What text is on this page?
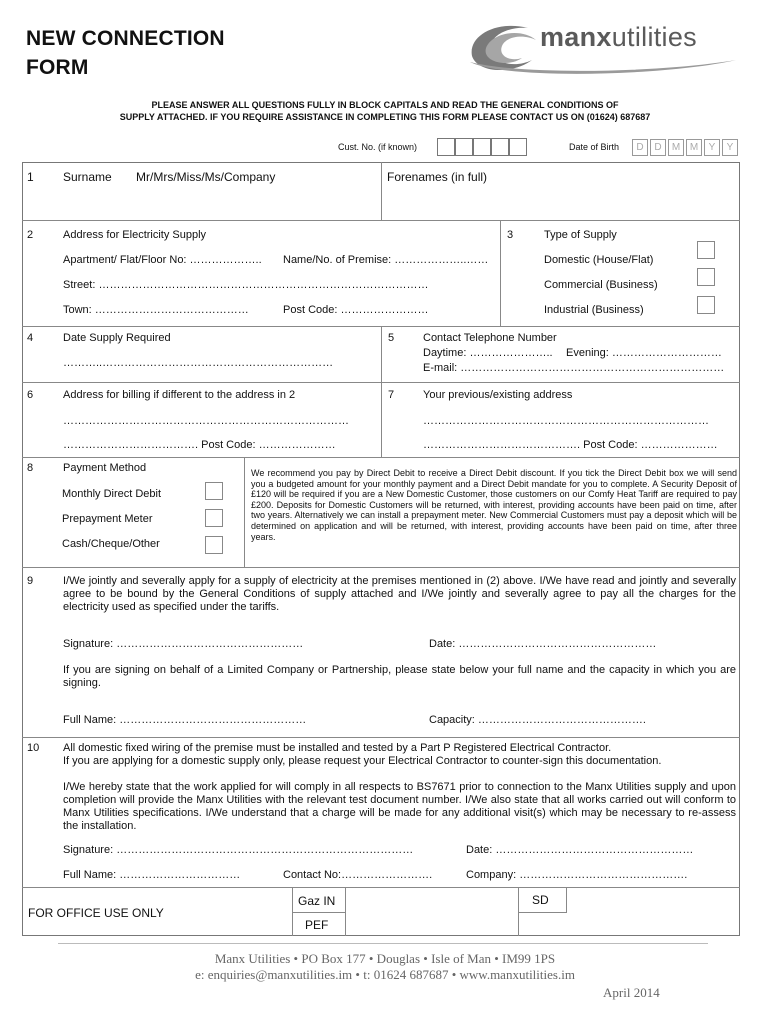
NEW CONNECTION
FORM
manxutilities
PLEASE ANSWER ALL QUESTIONS FULLY IN BLOCK CAPITALS AND READ THE GENERAL CONDITIONS OF
SUPPLY ATTACHED. IF YOU REQUIRE ASSISTANCE IN COMPLETING THIS FORM PLEASE CONTACT US ON (01624) 687687
Cust. No. (if known)	Date of Birth	D	D	M M	Y	Y
1 Surname Mr/Mrs/Miss/Ms/Company	Forenames (in full)
2	Address for Electricity Supply
Apartment/ Flat/Floor No: ……………….. Name/No. of Premise: ………………..……
Street: ………………………………………………………………………………
Town: ……………………………………	Post Code: ……………………
3	Type of Supply
Domestic (House/Flat)
Commercial (Business)
Industrial (Business)
4	Date Supply Required
………..………………………………………………………
5	Contact Telephone Number
Daytime: ………………….. Evening: …………………………
E-mail: ………………………………………………………………
6	Address for billing if different to the address in 2
……………………………………………………………………
………………………………. Post Code: …………………
7	Your previous/existing address
……………………………………………………………………
……………………………………. Post Code: …………………
8	Payment Method
Monthly Direct Debit
Prepayment Meter
Cash/Cheque/Other
We recommend you pay by Direct Debit to receive a Direct Debit discount. If you tick the Direct Debit box we will send you a budgeted amount for your monthly payment and a Direct Debit mandate for you to complete. A Security Deposit of £120 will be required if you are a New Domestic Customer, those customers on our Comfy Heat Tariff are required to pay £200. Deposits for Domestic Customers will be returned, with interest, providing accounts have been paid on time, after two years. Alternatively we can install a prepayment meter. New Commercial Customers must pay a deposit which will be determined on application and will be returned, with interest, providing accounts have been paid on time, after three years.
9	I/We jointly and severally apply for a supply of electricity at the premises mentioned in (2) above. I/We have read and jointly and severally agree to be bound by the General Conditions of supply attached and I/We jointly and severally agree to pay all the charges for the electricity used as specified under the tariffs.
Signature: ……………………………………………	Date: ………………………………………………
If you are signing on behalf of a Limited Company or Partnership, please state below your full name and the capacity in which you are signing.
Full Name: ……………………………………………	Capacity: ……………………………………….
10 All domestic fixed wiring of the premise must be installed and tested by a Part P Registered Electrical Contractor.
If you are applying for a domestic supply only, please request your Electrical Contractor to counter-sign this documentation.
I/We hereby state that the work applied for will comply in all respects to BS7671 prior to connection to the Manx Utilities supply and upon completion will provide the Manx Utilities with the relevant test document number. I/We also state that all works carried out will conform to Manx Utilities specifications. I/We understand that a charge will be made for any additional visit(s) which may be necessary to re-assess the installation.
Signature: ………………………………………………………………………	Date: ………………………………………………
Full Name: ……………………………	Contact No:…………………….	Company: ……………………………………….
FOR OFFICE USE ONLY
Gaz IN
PEF
SD
Manx Utilities • PO Box 177 • Douglas • Isle of Man • IM99 1PS
e: enquiries@manxutilities.im • t: 01624 687687 • www.manxutilities.im
April 2014
